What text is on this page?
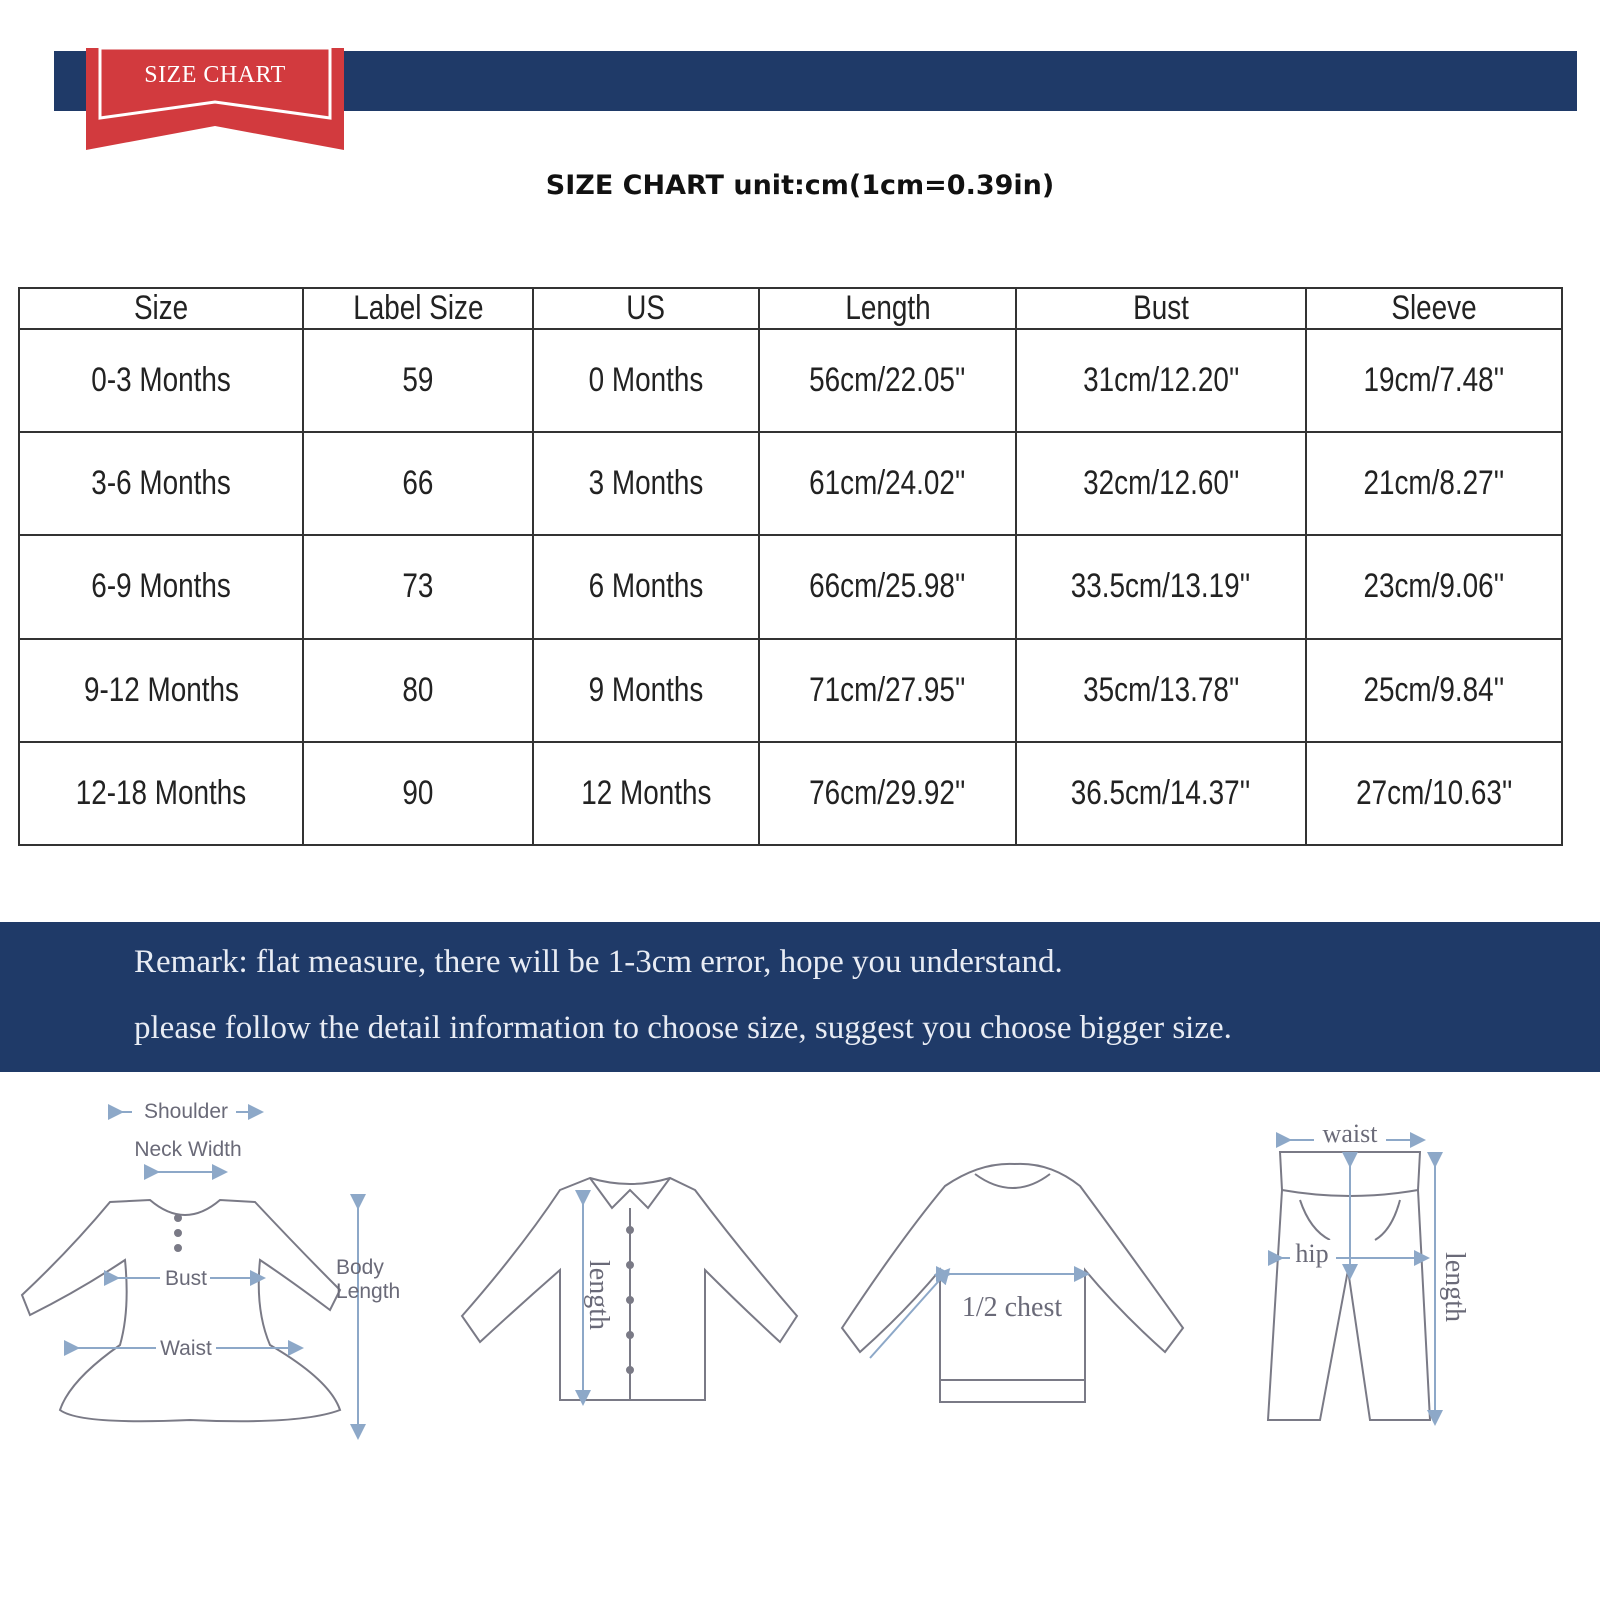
SIZE CHART
SIZE CHART unit:cm(1cm=0.39in)
Size	Label Size	US	Length	Bust	Sleeve
0-3 Months	59	0 Months	56cm/22.05''	31cm/12.20''	19cm/7.48''
3-6 Months	66	3 Months	61cm/24.02''	32cm/12.60''	21cm/8.27''
6-9 Months	73	6 Months	66cm/25.98''	33.5cm/13.19''	23cm/9.06''
9-12 Months	80	9 Months	71cm/27.95''	35cm/13.78''	25cm/9.84''
12-18 Months	90	12 Months	76cm/29.92''	36.5cm/14.37''	27cm/10.63''
Remark: flat measure, there will be 1-3cm error, hope you understand.
please follow the detail information to choose size, suggest you choose bigger size.
Shoulder
Neck Width
Bust
Waist
Body
Length	length	1/2 chest
waist
hip	length
